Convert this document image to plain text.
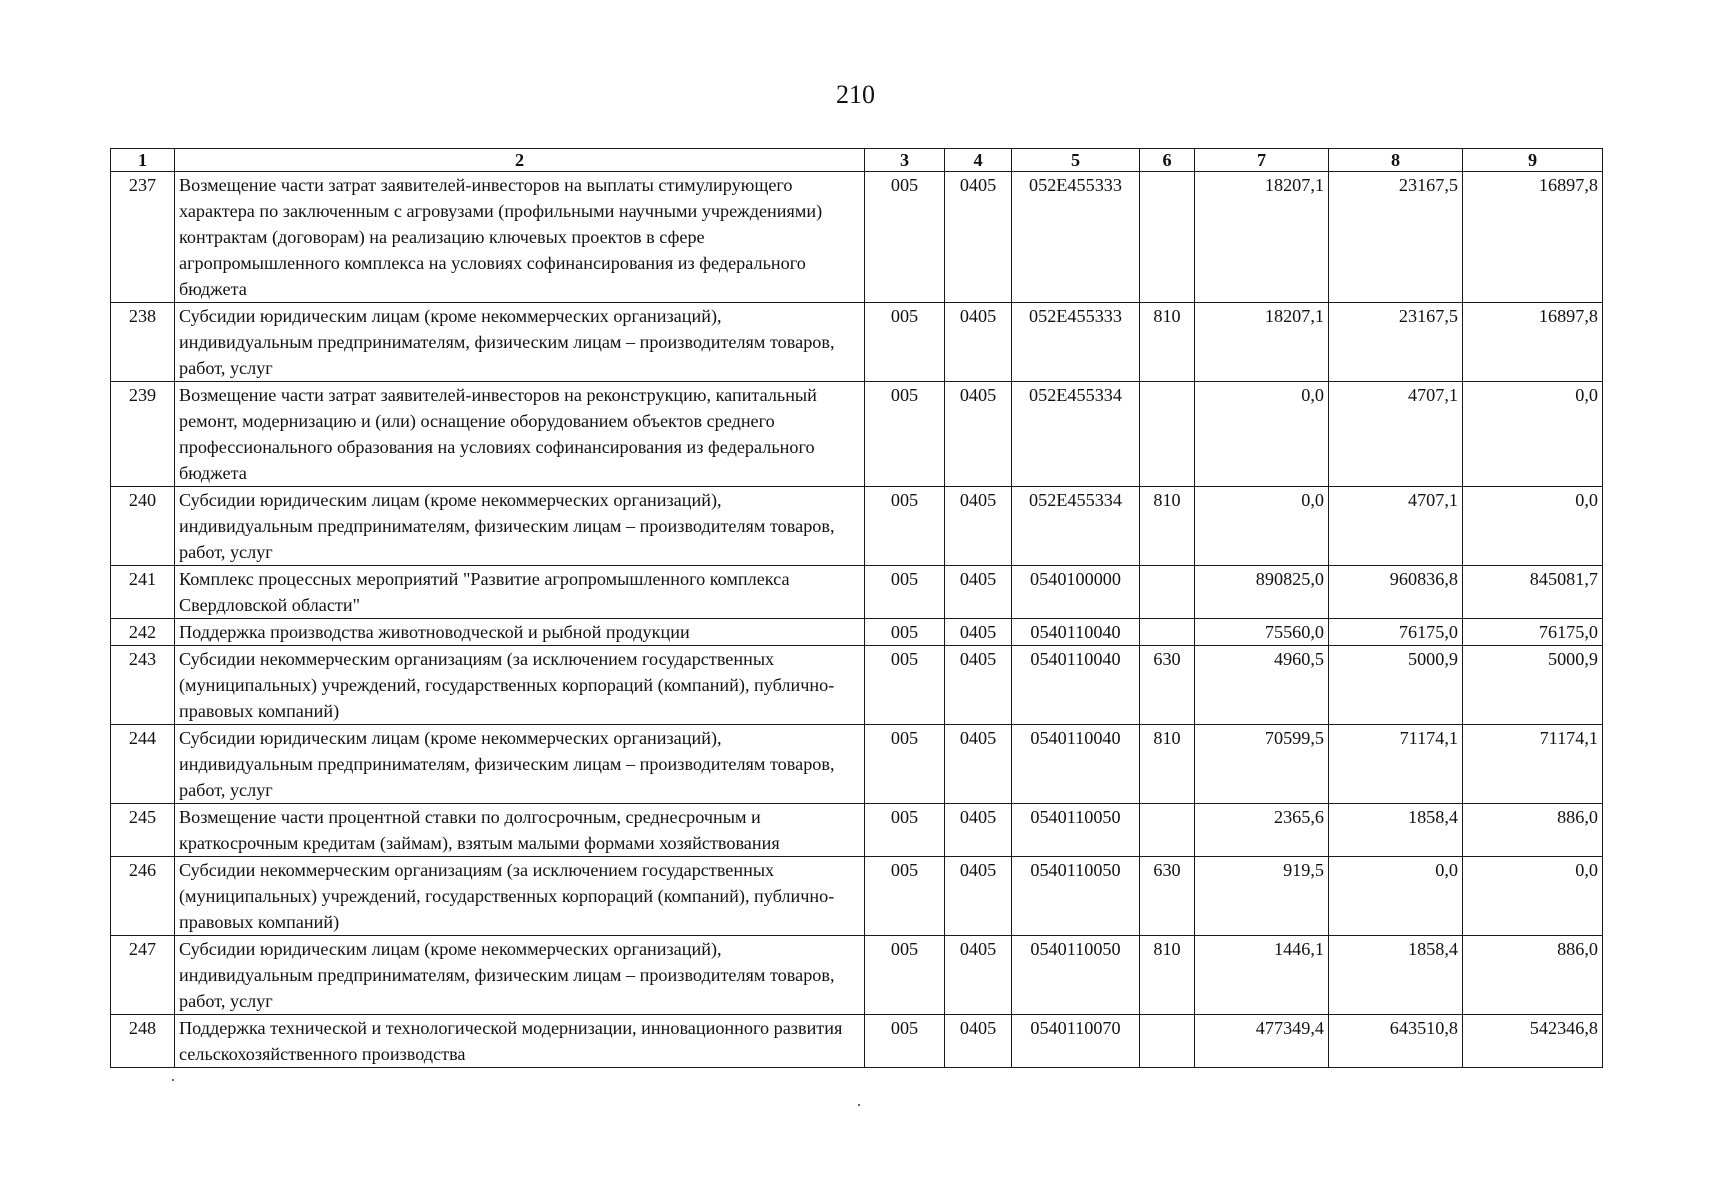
210
1	2	3	4	5	6	7	8	9
237	Возмещение части затрат заявителей-инвесторов на выплаты стимулирующего характера по заключенным с агровузами (профильными научными учреждениями) контрактам (договорам) на реализацию ключевых проектов в сфере агропромышленного комплекса на условиях софинансирования из федерального бюджета	005	0405	052E455333		18207,1	23167,5	16897,8
238	Субсидии юридическим лицам (кроме некоммерческих организаций), индивидуальным предпринимателям, физическим лицам – производителям товаров, работ, услуг	005	0405	052E455333	810	18207,1	23167,5	16897,8
239	Возмещение части затрат заявителей-инвесторов на реконструкцию, капитальный ремонт, модернизацию и (или) оснащение оборудованием объектов среднего профессионального образования на условиях софинансирования из федерального бюджета	005	0405	052E455334		0,0	4707,1	0,0
240	Субсидии юридическим лицам (кроме некоммерческих организаций), индивидуальным предпринимателям, физическим лицам – производителям товаров, работ, услуг	005	0405	052E455334	810	0,0	4707,1	0,0
241	Комплекс процессных мероприятий "Развитие агропромышленного комплекса Свердловской области"	005	0405	0540100000		890825,0	960836,8	845081,7
242	Поддержка производства животноводческой и рыбной продукции	005	0405	0540110040		75560,0	76175,0	76175,0
243	Субсидии некоммерческим организациям (за исключением государственных (муниципальных) учреждений, государственных корпораций (компаний), публично-правовых компаний)	005	0405	0540110040	630	4960,5	5000,9	5000,9
244	Субсидии юридическим лицам (кроме некоммерческих организаций), индивидуальным предпринимателям, физическим лицам – производителям товаров, работ, услуг	005	0405	0540110040	810	70599,5	71174,1	71174,1
245	Возмещение части процентной ставки по долгосрочным, среднесрочным и краткосрочным кредитам (займам), взятым малыми формами хозяйствования	005	0405	0540110050		2365,6	1858,4	886,0
246	Субсидии некоммерческим организациям (за исключением государственных (муниципальных) учреждений, государственных корпораций (компаний), публично-правовых компаний)	005	0405	0540110050	630	919,5	0,0	0,0
247	Субсидии юридическим лицам (кроме некоммерческих организаций), индивидуальным предпринимателям, физическим лицам – производителям товаров, работ, услуг	005	0405	0540110050	810	1446,1	1858,4	886,0
248	Поддержка технической и технологической модернизации, инновационного развития сельскохозяйственного производства	005	0405	0540110070		477349,4	643510,8	542346,8
